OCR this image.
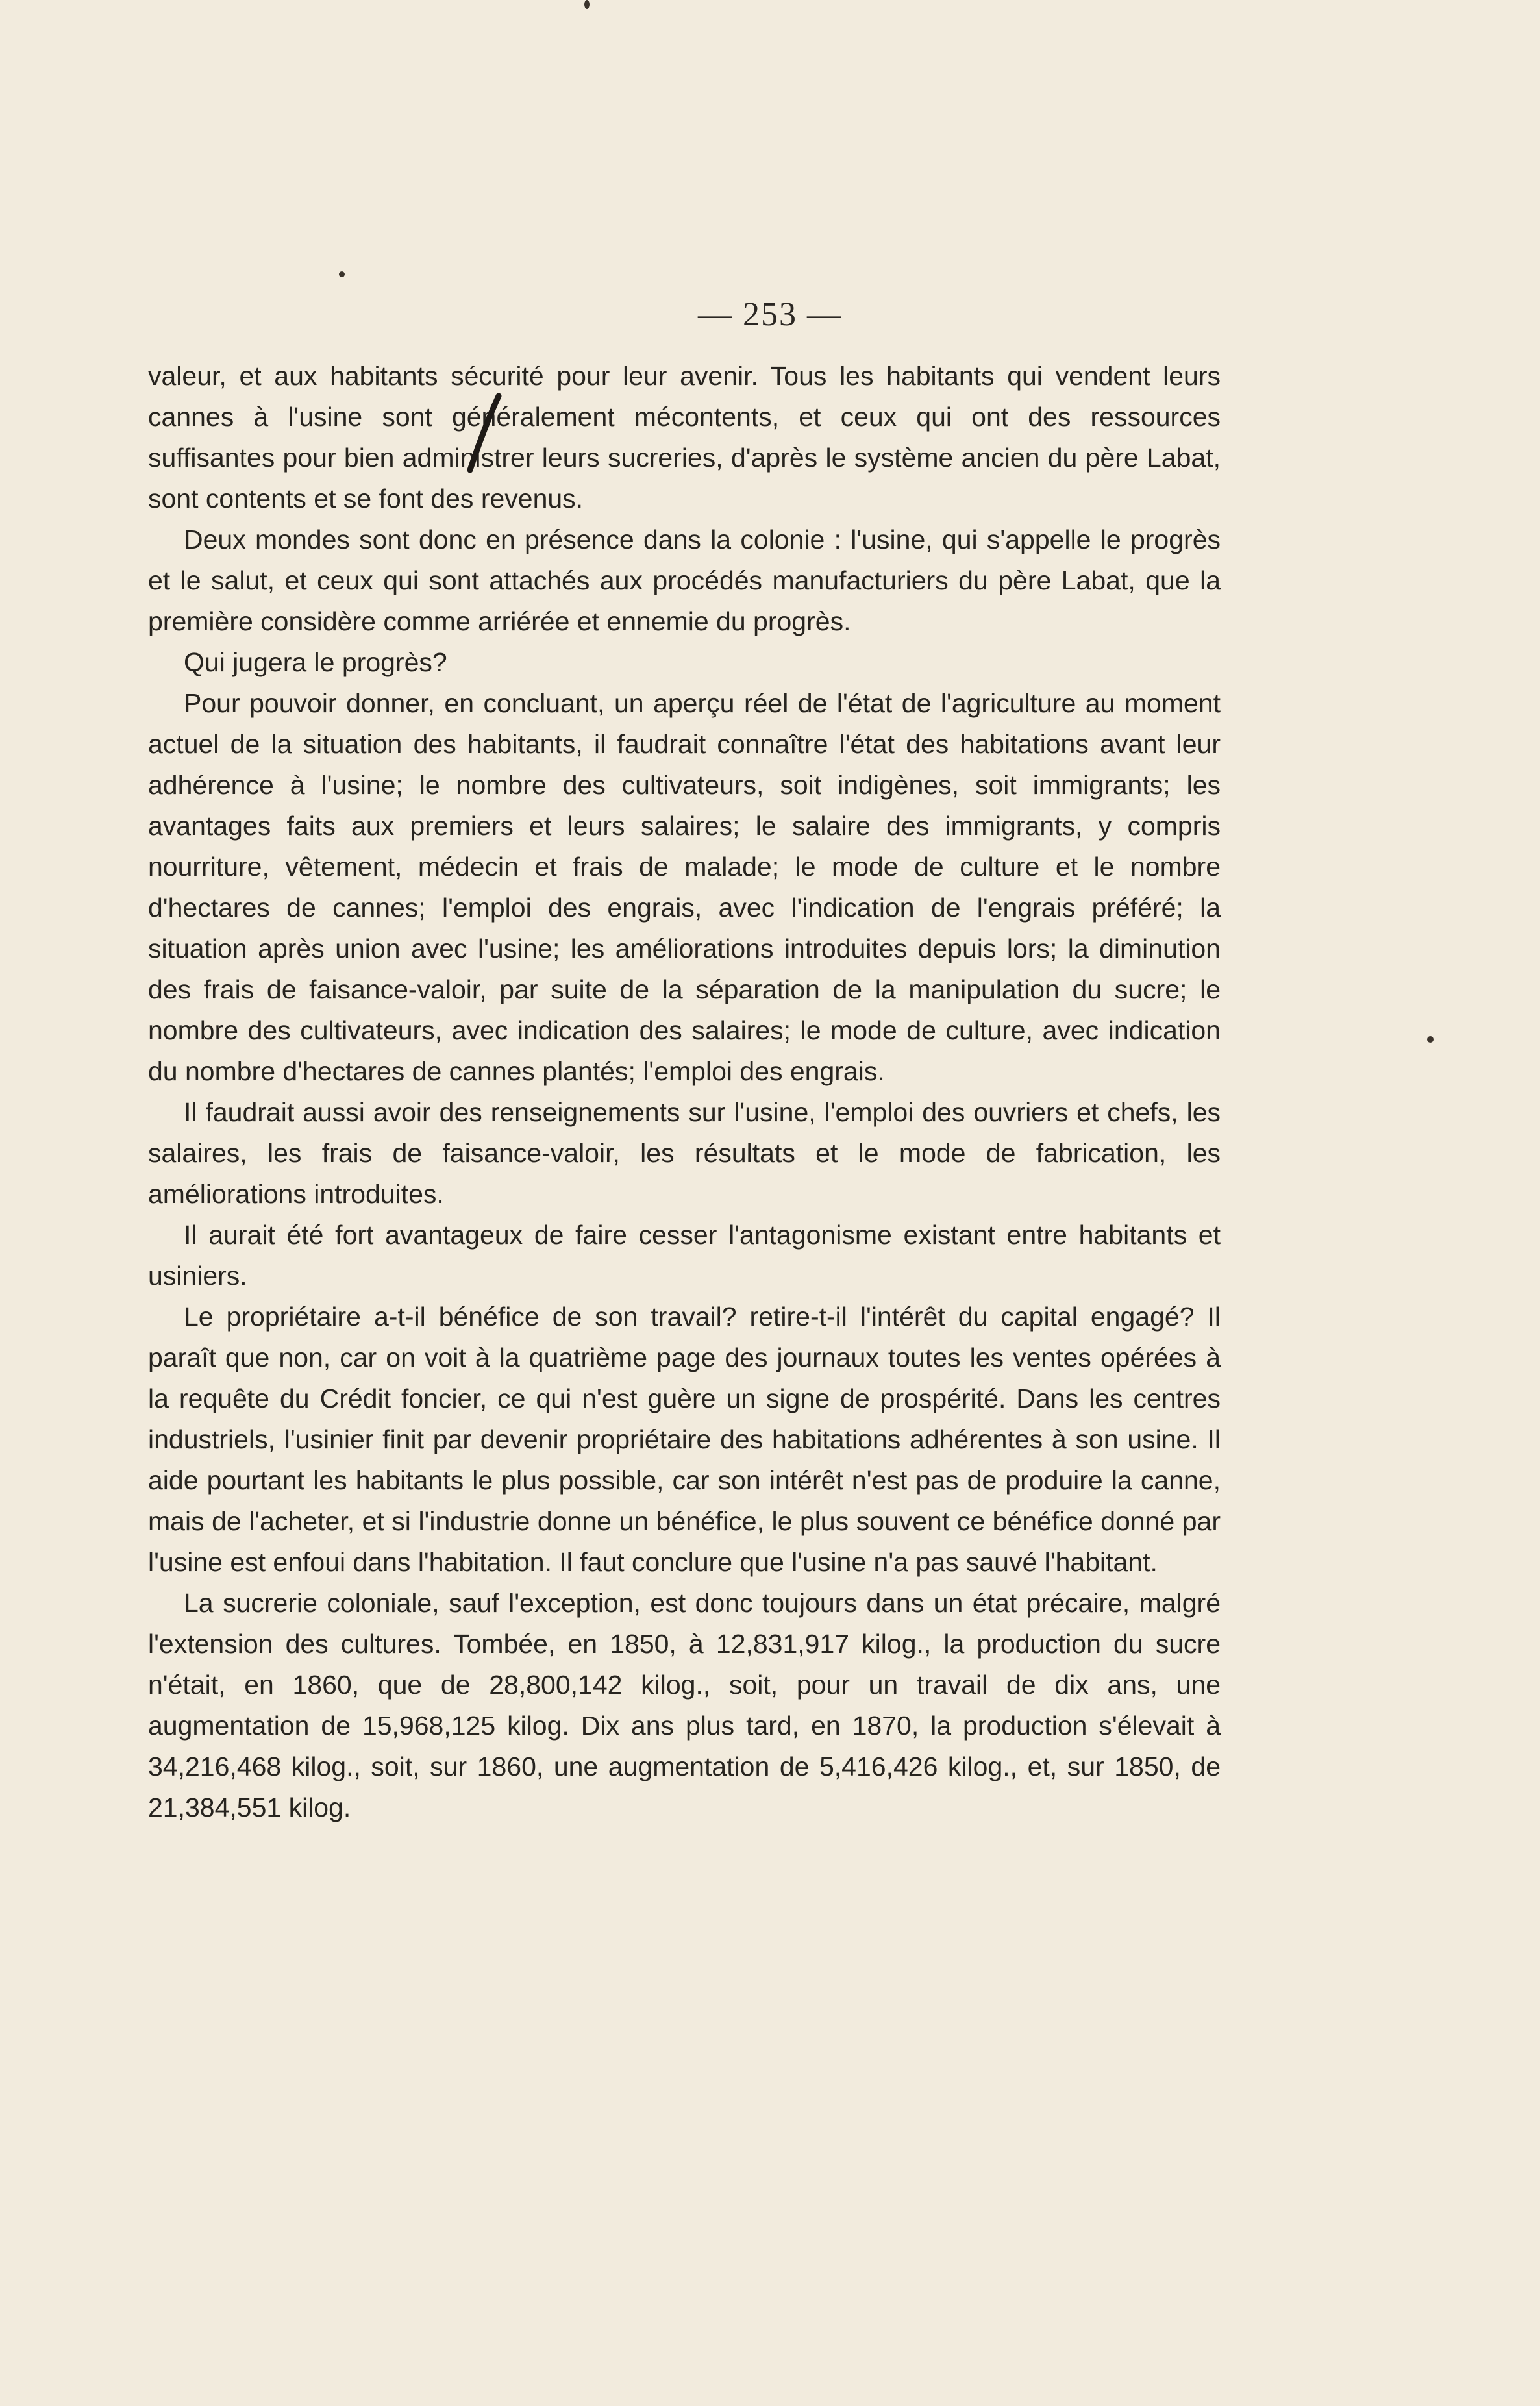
— 253 —

valeur, et aux habitants sécurité pour leur avenir. Tous les habitants qui vendent leurs cannes à l'usine sont généralement mécontents, et ceux qui ont des ressources suffisantes pour bien administrer leurs sucreries, d'après le système ancien du père Labat, sont contents et se font des revenus.

Deux mondes sont donc en présence dans la colonie : l'usine, qui s'appelle le progrès et le salut, et ceux qui sont attachés aux procédés manufacturiers du père Labat, que la première considère comme arriérée et ennemie du progrès.

Qui jugera le progrès?

Pour pouvoir donner, en concluant, un aperçu réel de l'état de l'agriculture au moment actuel de la situation des habitants, il faudrait connaître l'état des habitations avant leur adhérence à l'usine; le nombre des cultivateurs, soit indigènes, soit immigrants; les avantages faits aux premiers et leurs salaires; le salaire des immigrants, y compris nourriture, vêtement, médecin et frais de malade; le mode de culture et le nombre d'hectares de cannes; l'emploi des engrais, avec l'indication de l'engrais préféré; la situation après union avec l'usine; les améliorations introduites depuis lors; la diminution des frais de faisance-valoir, par suite de la séparation de la manipulation du sucre; le nombre des cultivateurs, avec indication des salaires; le mode de culture, avec indication du nombre d'hectares de cannes plantés; l'emploi des engrais.

Il faudrait aussi avoir des renseignements sur l'usine, l'emploi des ouvriers et chefs, les salaires, les frais de faisance-valoir, les résultats et le mode de fabrication, les améliorations introduites.

Il aurait été fort avantageux de faire cesser l'antagonisme existant entre habitants et usiniers.

Le propriétaire a-t-il bénéfice de son travail? retire-t-il l'intérêt du capital engagé? Il paraît que non, car on voit à la quatrième page des journaux toutes les ventes opérées à la requête du Crédit foncier, ce qui n'est guère un signe de prospérité. Dans les centres industriels, l'usinier finit par devenir propriétaire des habitations adhérentes à son usine. Il aide pourtant les habitants le plus possible, car son intérêt n'est pas de produire la canne, mais de l'acheter, et si l'industrie donne un bénéfice, le plus souvent ce bénéfice donné par l'usine est enfoui dans l'habitation. Il faut conclure que l'usine n'a pas sauvé l'habitant.

La sucrerie coloniale, sauf l'exception, est donc toujours dans un état précaire, malgré l'extension des cultures. Tombée, en 1850, à 12,831,917 kilog., la production du sucre n'était, en 1860, que de 28,800,142 kilog., soit, pour un travail de dix ans, une augmentation de 15,968,125 kilog. Dix ans plus tard, en 1870, la production s'élevait à 34,216,468 kilog., soit, sur 1860, une augmentation de 5,416,426 kilog., et, sur 1850, de 21,384,551 kilog.
